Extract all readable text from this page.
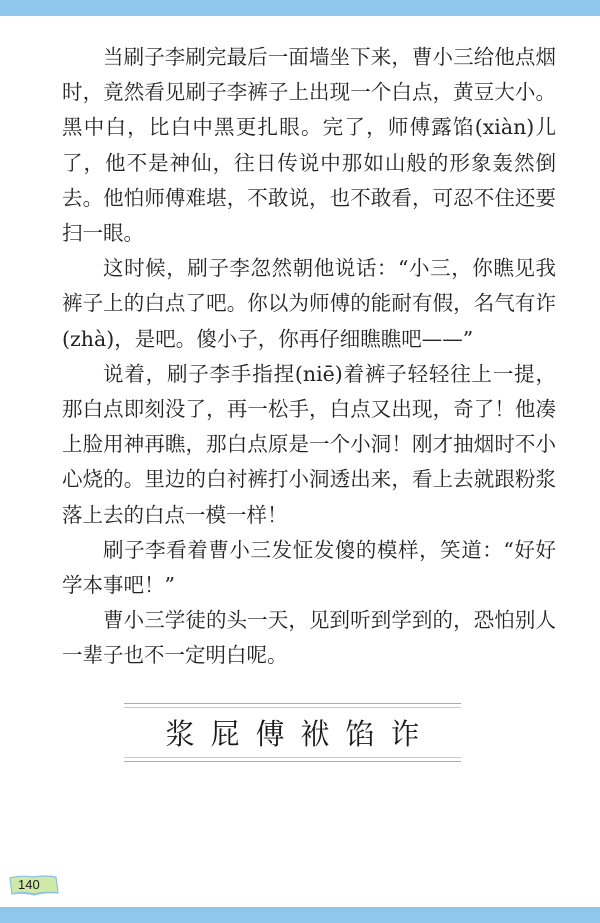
当刷子李刷完最后一面墙坐下来，曹小三给他点烟时，竟然看见刷子李裤子上出现一个白点，黄豆大小。黑中白，比白中黑更扎眼。完了，师傅露馅(xiàn)儿了，他不是神仙，往日传说中那如山般的形象轰然倒去。他怕师傅难堪，不敢说，也不敢看，可忍不住还要扫一眼。

这时候，刷子李忽然朝他说话：“小三，你瞧见我裤子上的白点了吧。你以为师傅的能耐有假，名气有诈(zhà)，是吧。傻小子，你再仔细瞧瞧吧——”

说着，刷子李手指捏(niē)着裤子轻轻往上一提，那白点即刻没了，再一松手，白点又出现，奇了！他凑上脸用神再瞧，那白点原是一个小洞！刚才抽烟时不小心烧的。里边的白衬裤打小洞透出来，看上去就跟粉浆落上去的白点一模一样！

刷子李看着曹小三发怔发傻的模样，笑道：“好好学本事吧！”

曹小三学徒的头一天，见到听到学到的，恐怕别人一辈子也不一定明白呢。

浆屁傅袱馅诈
140
